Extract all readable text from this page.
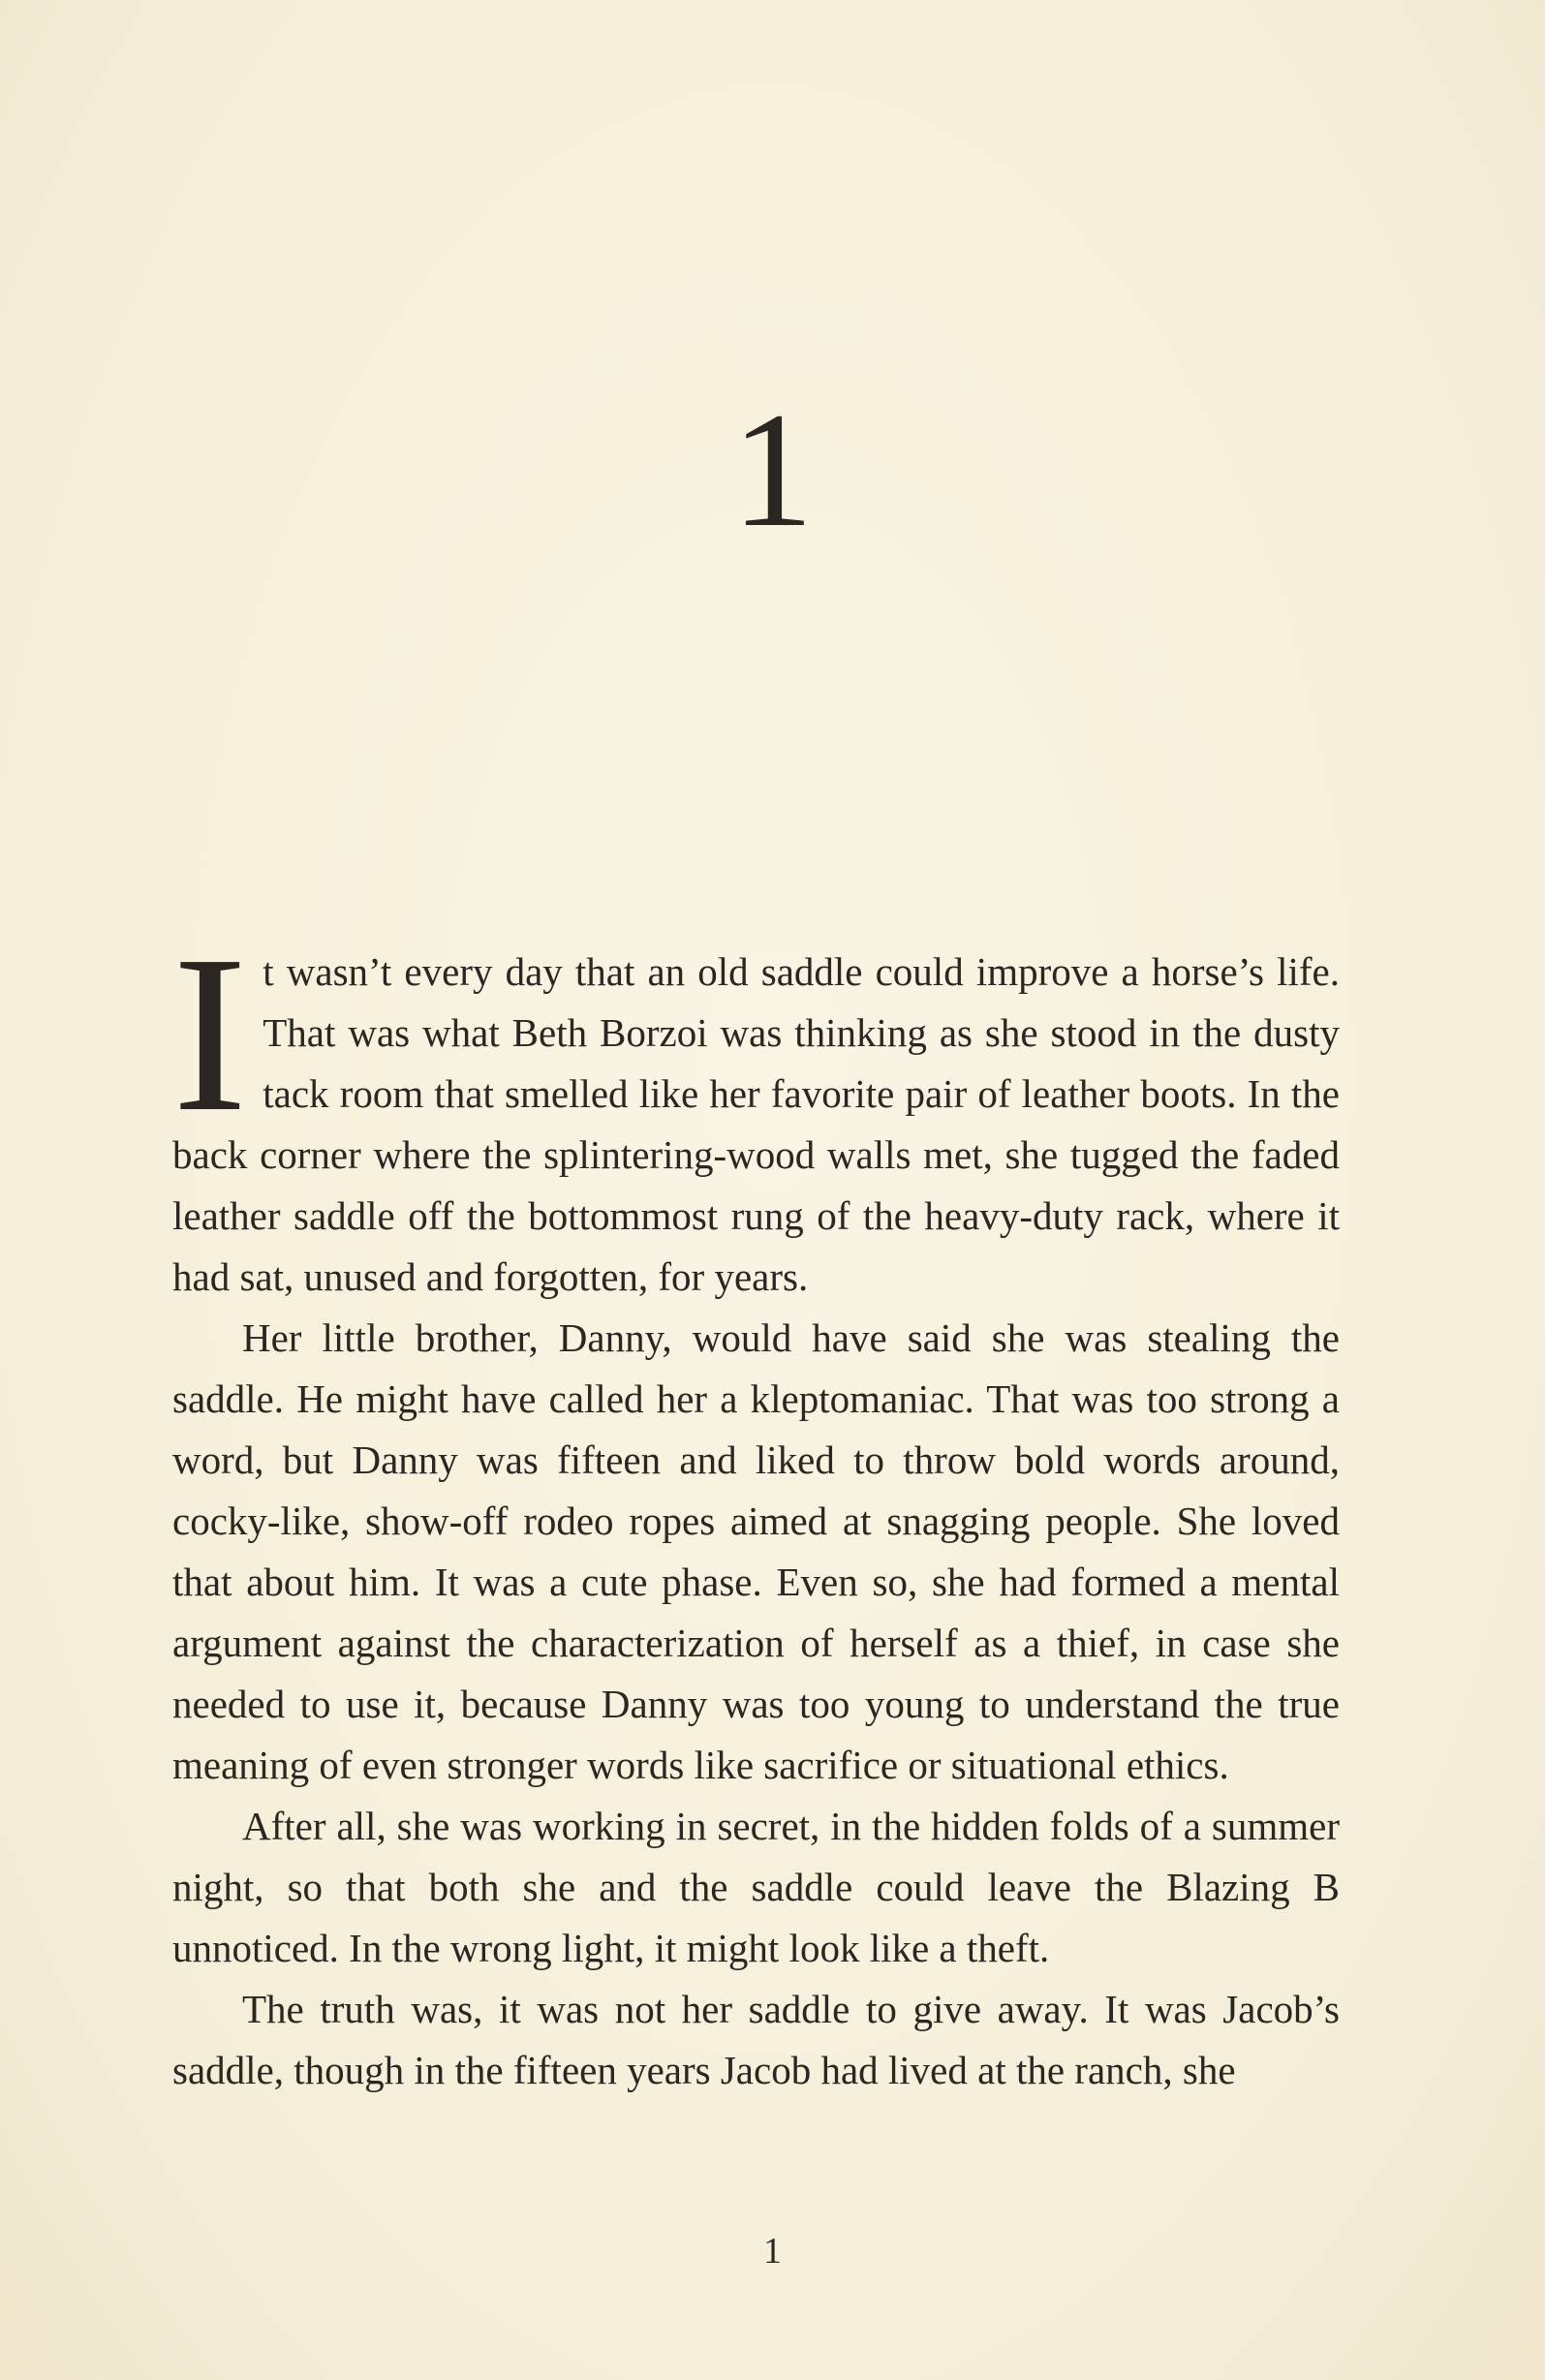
1

It wasn’t every day that an old saddle could improve a horse’s life. That was what Beth Borzoi was thinking as she stood in the dusty tack room that smelled like her favorite pair of leather boots. In the back corner where the splintering-wood walls met, she tugged the faded leather saddle off the bottommost rung of the heavy-duty rack, where it had sat, unused and forgotten, for years.

Her little brother, Danny, would have said she was stealing the saddle. He might have called her a kleptomaniac. That was too strong a word, but Danny was fifteen and liked to throw bold words around, cocky-like, show-off rodeo ropes aimed at snagging people. She loved that about him. It was a cute phase. Even so, she had formed a mental argument against the characterization of herself as a thief, in case she needed to use it, because Danny was too young to understand the true meaning of even stronger words like sacrifice or situational ethics.

After all, she was working in secret, in the hidden folds of a summer night, so that both she and the saddle could leave the Blazing B unnoticed. In the wrong light, it might look like a theft.

The truth was, it was not her saddle to give away. It was Jacob’s saddle, though in the fifteen years Jacob had lived at the ranch, she

1
